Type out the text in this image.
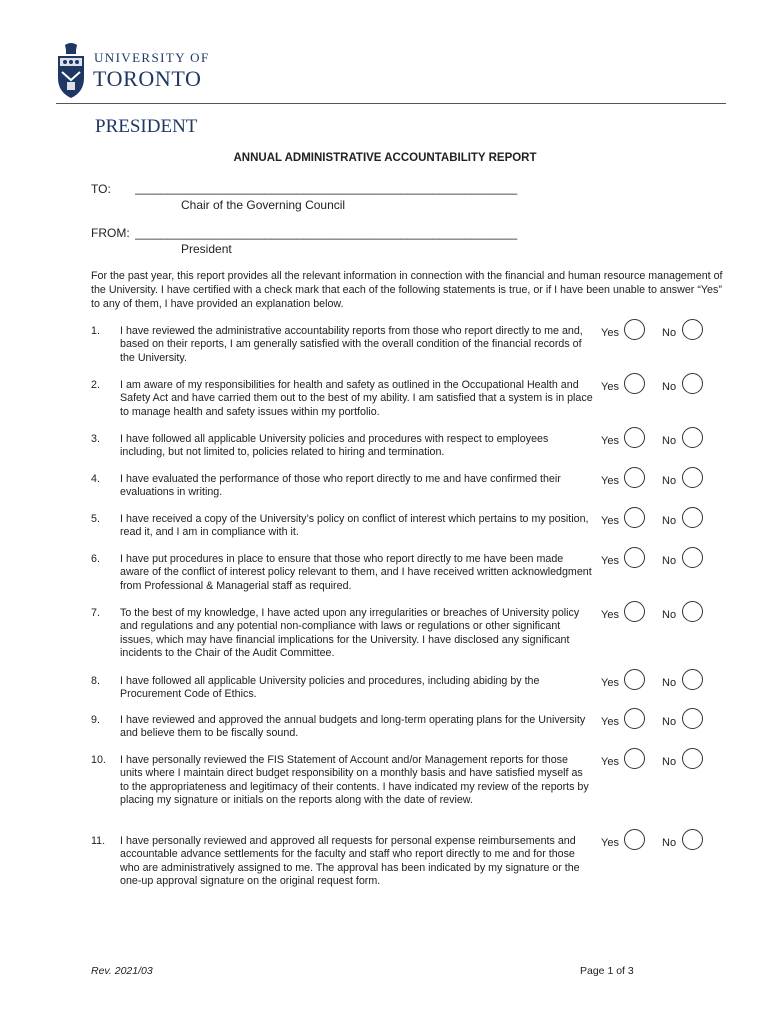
UNIVERSITY OF
TORONTO
PRESIDENT
ANNUAL ADMINISTRATIVE ACCOUNTABILITY REPORT
TO: ___________________________________________________________
Chair of the Governing Council
FROM: ___________________________________________________________
President
For the past year, this report provides all the relevant information in connection with the financial and human resource management of the University. I have certified with a check mark that each of the following statements is true, or if I have been unable to answer “Yes” to any of them, I have provided an explanation below.
1. I have reviewed the administrative accountability reports from those who report directly to me and, based on their reports, I am generally satisfied with the overall condition of the financial records of the University.
Yes	No
2. I am aware of my responsibilities for health and safety as outlined in the Occupational Health and Safety Act and have carried them out to the best of my ability. I am satisfied that a system is in place to manage health and safety issues within my portfolio.
Yes	No
3. I have followed all applicable University policies and procedures with respect to employees including, but not limited to, policies related to hiring and termination.
Yes	No
4. I have evaluated the performance of those who report directly to me and have confirmed their evaluations in writing.
Yes	No
5. I have received a copy of the University’s policy on conflict of interest which pertains to my position, read it, and I am in compliance with it.
Yes	No
6. I have put procedures in place to ensure that those who report directly to me have been made aware of the conflict of interest policy relevant to them, and I have received written acknowledgment from Professional & Managerial staff as required.
Yes	No
7. To the best of my knowledge, I have acted upon any irregularities or breaches of University policy and regulations and any potential non-compliance with laws or regulations or other significant issues, which may have financial implications for the University. I have disclosed any significant incidents to the Chair of the Audit Committee.
Yes	No
8. I have followed all applicable University policies and procedures, including abiding by the Procurement Code of Ethics.
Yes	No
9. I have reviewed and approved the annual budgets and long-term operating plans for the University and believe them to be fiscally sound.
Yes	No
10. I have personally reviewed the FIS Statement of Account and/or Management reports for those units where I maintain direct budget responsibility on a monthly basis and have satisfied myself as to the appropriateness and legitimacy of their contents. I have indicated my review of the reports by placing my signature or initials on the reports along with the date of review.
Yes	No
11. I have personally reviewed and approved all requests for personal expense reimbursements and accountable advance settlements for the faculty and staff who report directly to me and for those who are administratively assigned to me. The approval has been indicated by my signature or the one-up approval signature on the original request form.
Yes	No
Rev. 2021/03	Page 1 of 3
